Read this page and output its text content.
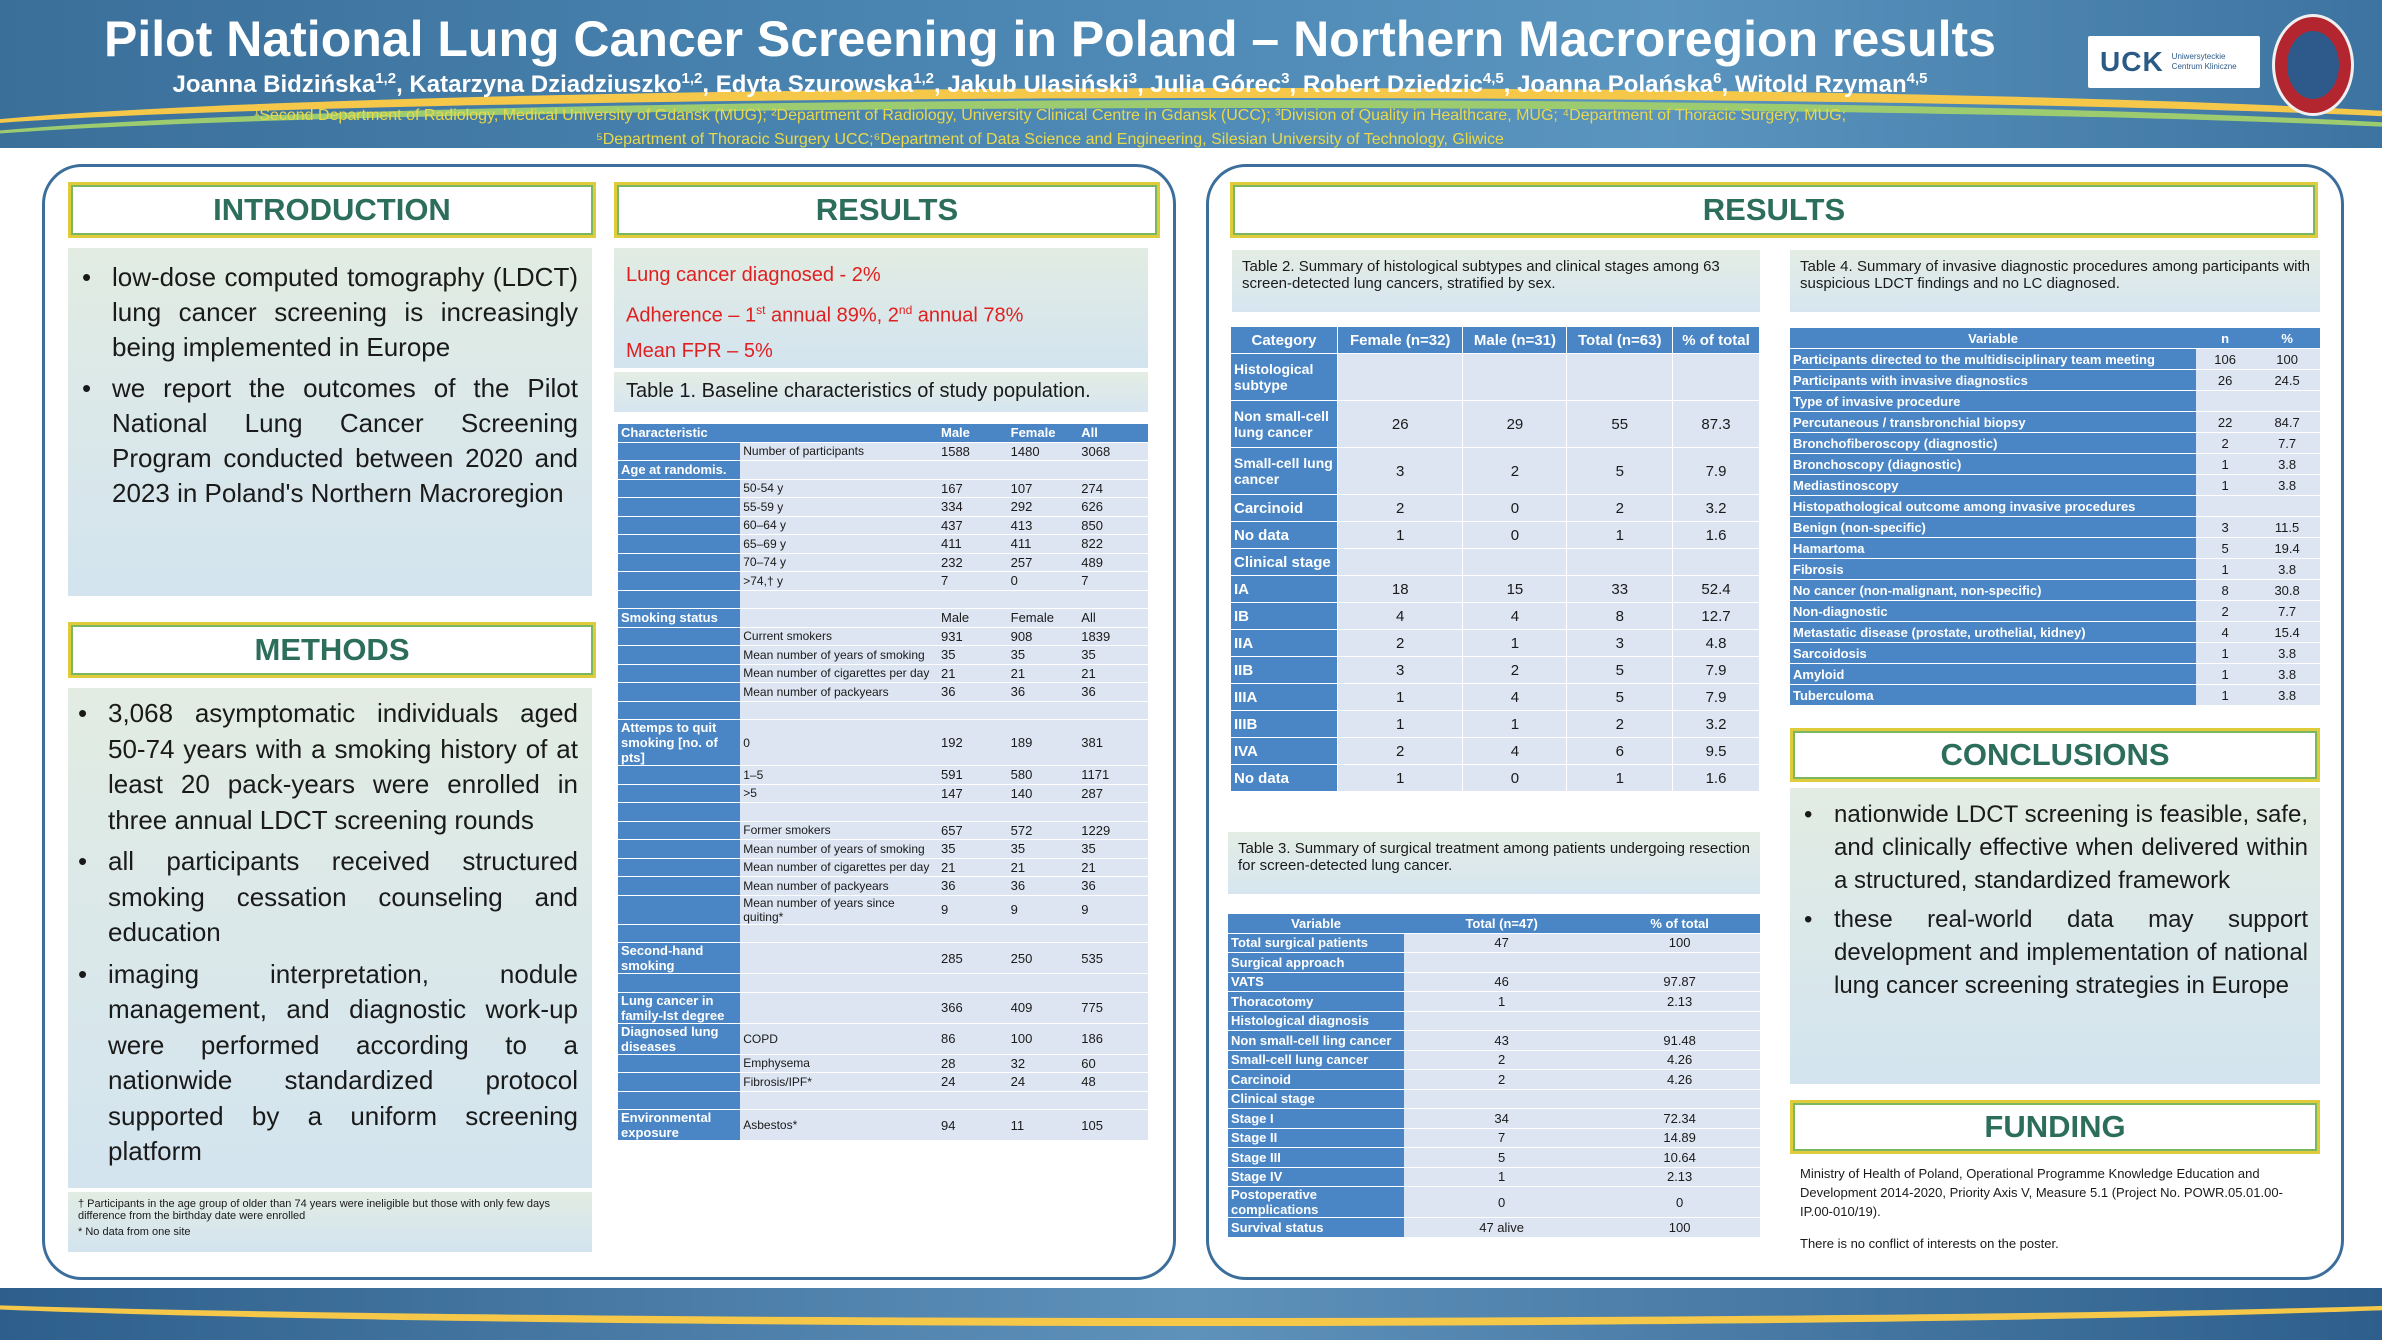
Pilot National Lung Cancer Screening in Poland – Northern Macroregion results
Joanna Bidzińska$^{1,2}$, Katarzyna Dziadziuszko$^{1,2}$, Edyta Szurowska$^{1,2}$, Jakub Ulasiński$^3$, Julia Górec$^3$, Robert Dziedzic$^{4,5}$, Joanna Polańska$^6$, Witold Rzyman$^{4,5}$
¹Second Department of Radiology, Medical University of Gdansk (MUG); ²Department of Radiology, University Clinical Centre in Gdansk (UCC); ³Division of Quality in Healthcare, MUG; ⁴Department of Thoracic Surgery, MUG;
⁵Department of Thoracic Surgery UCC;⁶Department of Data Science and Engineering, Silesian University of Technology, Gliwice
UCK Uniwersyteckie
Centrum Kliniczne
INTRODUCTION
• low-dose computed tomography (LDCT) lung cancer screening is increasingly being implemented in Europe
• we report the outcomes of the Pilot National Lung Cancer Screening Program conducted between 2020 and 2023 in Poland's Northern Macroregion
METHODS
• 3,068 asymptomatic individuals aged 50-74 years with a smoking history of at least 20 pack-years were enrolled in three annual LDCT screening rounds
• all participants received structured smoking cessation counseling and education
• imaging interpretation, nodule management, and diagnostic work-up were performed according to a nationwide standardized protocol supported by a uniform screening platform
† Participants in the age group of older than 74 years were ineligible but those with only few days difference from the birthday date were enrolled
* No data from one site
RESULTS
Lung cancer diagnosed - 2%
Adherence – 1st annual 89%, 2nd annual 78%
Mean FPR – 5%
Table 1. Baseline characteristics of study population.
Characteristic		Male	Female	All
	Number of participants	1588	1480	3068
Age at randomis.				
	50-54 y	167	107	274
	55-59 y	334	292	626
	60–64 y	437	413	850
	65–69 y	411	411	822
	70–74 y	232	257	489
	>74,† y	7	0	7

Smoking status		Male	Female	All
	Current smokers	931	908	1839
	Mean number of years of smoking	35	35	35
	Mean number of cigarettes per day	21	21	21
	Mean number of packyears	36	36	36

Attemps to quit smoking [no. of pts]	0	192	189	381
	1–5	591	580	1171
	>5	147	140	287

	Former smokers	657	572	1229
	Mean number of years of smoking	35	35	35
	Mean number of cigarettes per day	21	21	21
	Mean number of packyears	36	36	36
	Mean number of years since quiting*	9	9	9

Second-hand smoking		285	250	535

Lung cancer in family-Ist degree		366	409	775
Diagnosed lung diseases	COPD	86	100	186
	Emphysema	28	32	60
	Fibrosis/IPF*	24	24	48

Environmental exposure	Asbestos*	94	11	105
RESULTS
Table 2. Summary of histological subtypes and clinical stages among 63 screen-detected lung cancers, stratified by sex.
Category	Female (n=32)	Male (n=31)	Total (n=63)	% of total
Histological subtype				
Non small-cell lung cancer	26	29	55	87.3
Small-cell lung cancer	3	2	5	7.9
Carcinoid	2	0	2	3.2
No data	1	0	1	1.6
Clinical stage				
IA	18	15	33	52.4
IB	4	4	8	12.7
IIA	2	1	3	4.8
IIB	3	2	5	7.9
IIIA	1	4	5	7.9
IIIB	1	1	2	3.2
IVA	2	4	6	9.5
No data	1	0	1	1.6
Table 3. Summary of surgical treatment among patients undergoing resection for screen-detected lung cancer.
Variable	Total (n=47)	% of total
Total surgical patients	47	100
Surgical approach		
VATS	46	97.87
Thoracotomy	1	2.13
Histological diagnosis		
Non small-cell ling cancer	43	91.48
Small-cell lung cancer	2	4.26
Carcinoid	2	4.26
Clinical stage		
Stage I	34	72.34
Stage II	7	14.89
Stage III	5	10.64
Stage IV	1	2.13
Postoperative complications	0	0
Survival status	47 alive	100
Table 4. Summary of invasive diagnostic procedures among participants with suspicious LDCT findings and no LC diagnosed.
Variable	n	%
Participants directed to the multidisciplinary team meeting	106	100
Participants with invasive diagnostics	26	24.5
Type of invasive procedure		
Percutaneous / transbronchial biopsy	22	84.7
Bronchofiberoscopy (diagnostic)	2	7.7
Bronchoscopy (diagnostic)	1	3.8
Mediastinoscopy	1	3.8
Histopathological outcome among invasive procedures		
Benign (non-specific)	3	11.5
Hamartoma	5	19.4
Fibrosis	1	3.8
No cancer (non-malignant, non-specific)	8	30.8
Non-diagnostic	2	7.7
Metastatic disease (prostate, urothelial, kidney)	4	15.4
Sarcoidosis	1	3.8
Amyloid	1	3.8
Tuberculoma	1	3.8
CONCLUSIONS
• nationwide LDCT screening is feasible, safe, and clinically effective when delivered within a structured, standardized framework
• these real-world data may support development and implementation of national lung cancer screening strategies in Europe
FUNDING
Ministry of Health of Poland, Operational Programme Knowledge Education and Development 2014-2020, Priority Axis V, Measure 5.1 (Project No. POWR.05.01.00-IP.00-010/19).
There is no conflict of interests on the poster.
